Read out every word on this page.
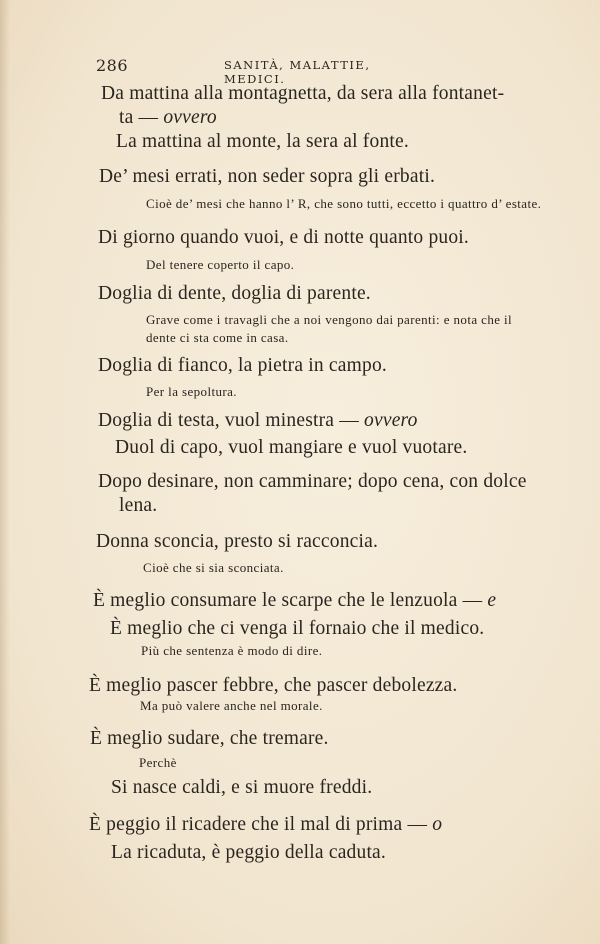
286	SANITÀ, MALATTIE, MEDICI.
Da mattina alla montagnetta, da sera alla fontanet-
ta — ovvero
La mattina al monte, la sera al fonte.
De’ mesi errati, non seder sopra gli erbati.
Cioè de’ mesi che hanno l’ R, che sono tutti, eccetto i quattro d’ estate.
Di giorno quando vuoi, e di notte quanto puoi.
Del tenere coperto il capo.
Doglia di dente, doglia di parente.
Grave come i travagli che a noi vengono dai parenti: e nota che il
dente ci sta come in casa.
Doglia di fianco, la pietra in campo.
Per la sepoltura.
Doglia di testa, vuol minestra — ovvero
Duol di capo, vuol mangiare e vuol vuotare.
Dopo desinare, non camminare; dopo cena, con dolce
lena.
Donna sconcia, presto si racconcia.
Cioè che si sia sconciata.
È meglio consumare le scarpe che le lenzuola — e
È meglio che ci venga il fornaio che il medico.
Più che sentenza è modo di dire.
È meglio pascer febbre, che pascer debolezza.
Ma può valere anche nel morale.
È meglio sudare, che tremare.
Perchè
Si nasce caldi, e si muore freddi.
È peggio il ricadere che il mal di prima — o
La ricaduta, è peggio della caduta.
